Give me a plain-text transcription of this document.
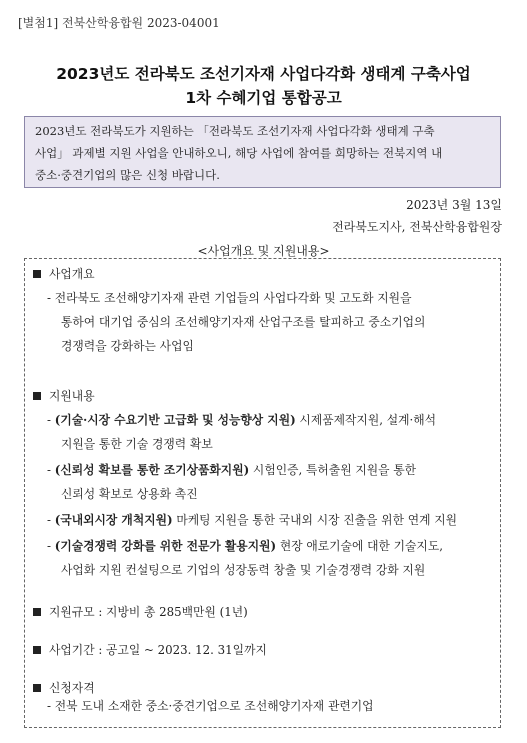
[별첨1] 전북산학융합원 2023-04001
2023년도 전라북도 조선기자재 사업다각화 생태계 구축사업
1차 수혜기업 통합공고

2023년도 전라북도가 지원하는 「전라북도 조선기자재 사업다각화 생태계 구축

사업」 과제별 지원 사업을 안내하오니, 해당 사업에 참여를 희망하는 전북지역 내

중소·중견기업의 많은 신청 바랍니다.

2023년 3월 13일
전라북도지사, 전북산학융합원장
<사업개요 및 지원내용>
사업개요
- 전라북도 조선해양기자재 관련 기업들의 사업다각화 및 고도화 지원을
통하여 대기업 중심의 조선해양기자재 산업구조를 탈피하고 중소기업의
경쟁력을 강화하는 사업임
지원내용
- (기술·시장 수요기반 고급화 및 성능향상 지원) 시제품제작지원, 설계·해석
지원을 통한 기술 경쟁력 확보
- (신뢰성 확보를 통한 조기상품화지원) 시험인증, 특허출원 지원을 통한
신뢰성 확보로 상용화 촉진
- (국내외시장 개척지원) 마케팅 지원을 통한 국내외 시장 진출을 위한 연계 지원
- (기술경쟁력 강화를 위한 전문가 활용지원) 현장 애로기술에 대한 기술지도,
사업화 지원 컨설팅으로 기업의 성장동력 창출 및 기술경쟁력 강화 지원
지원규모 : 지방비 총 285백만원 (1년)
사업기간 : 공고일 ~ 2023. 12. 31일까지
신청자격
- 전북 도내 소재한 중소·중견기업으로 조선해양기자재 관련기업
